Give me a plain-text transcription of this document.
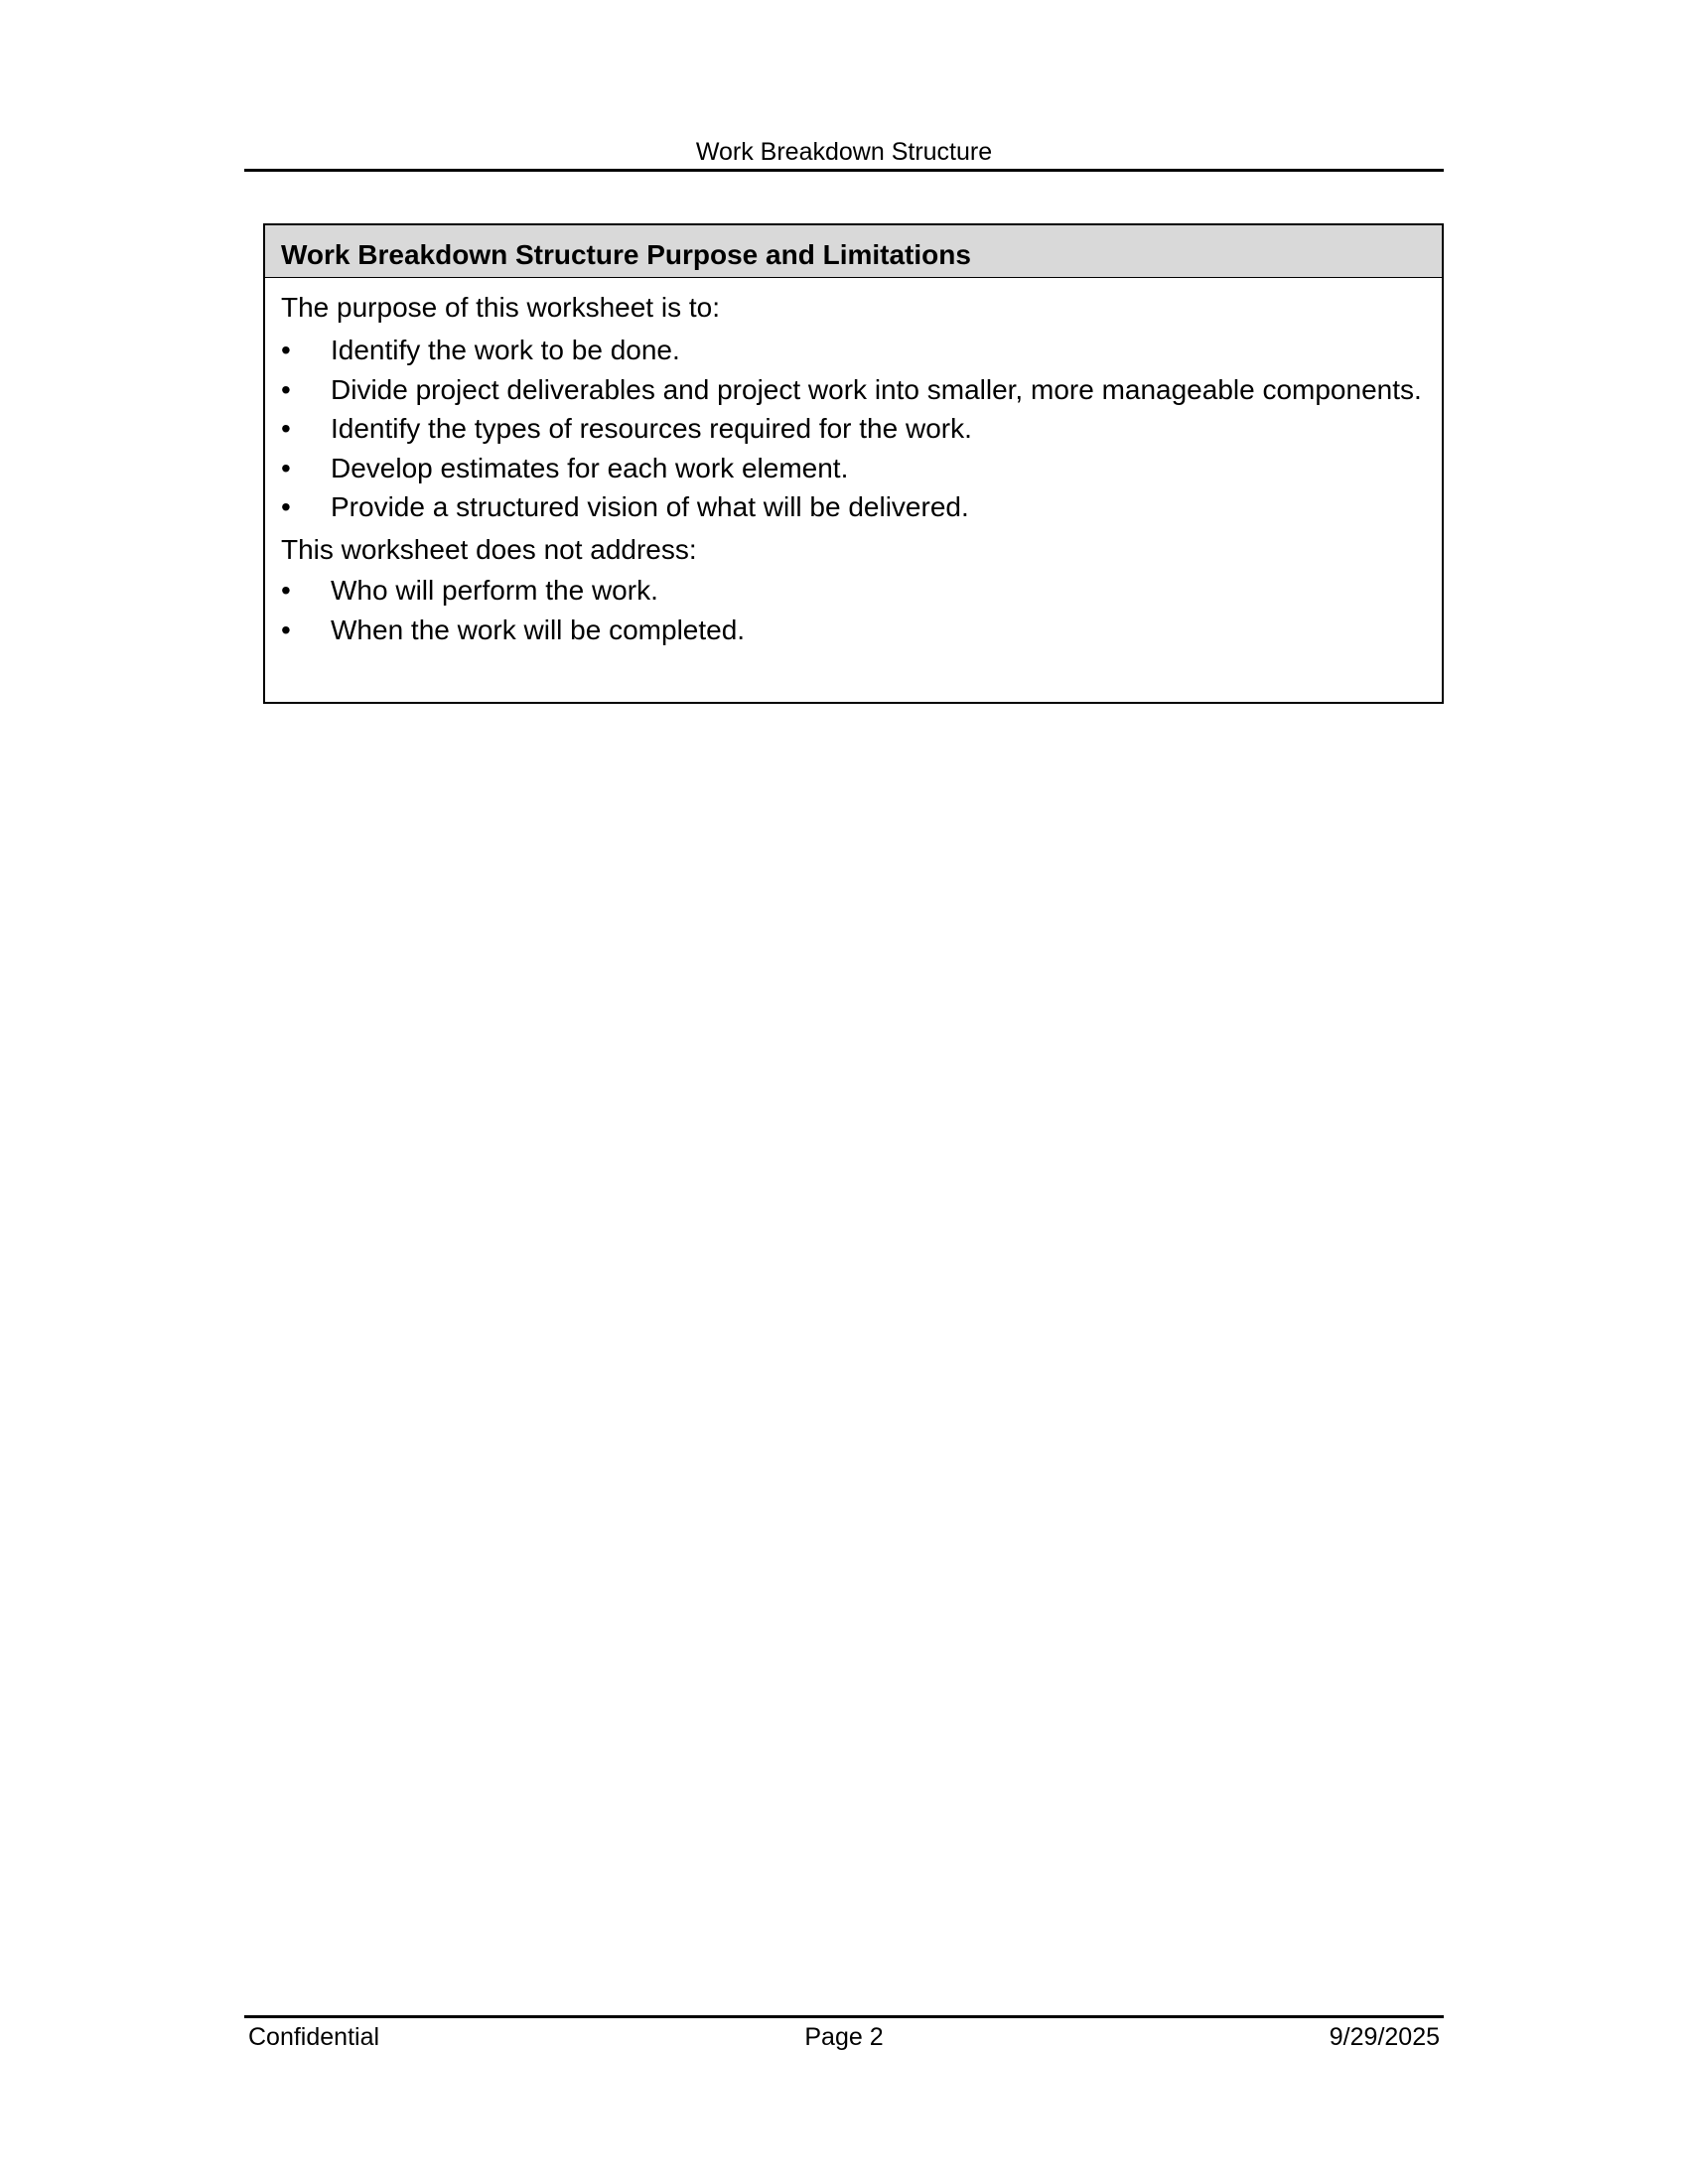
Work Breakdown Structure
Work Breakdown Structure Purpose and Limitations
The purpose of this worksheet is to:
•	Identify the work to be done.
•	Divide project deliverables and project work into smaller, more manageable components.
•	Identify the types of resources required for the work.
•	Develop estimates for each work element.
•	Provide a structured vision of what will be delivered.
This worksheet does not address:
•	Who will perform the work.
•	When the work will be completed.
Confidential	Page 2	9/29/2025
